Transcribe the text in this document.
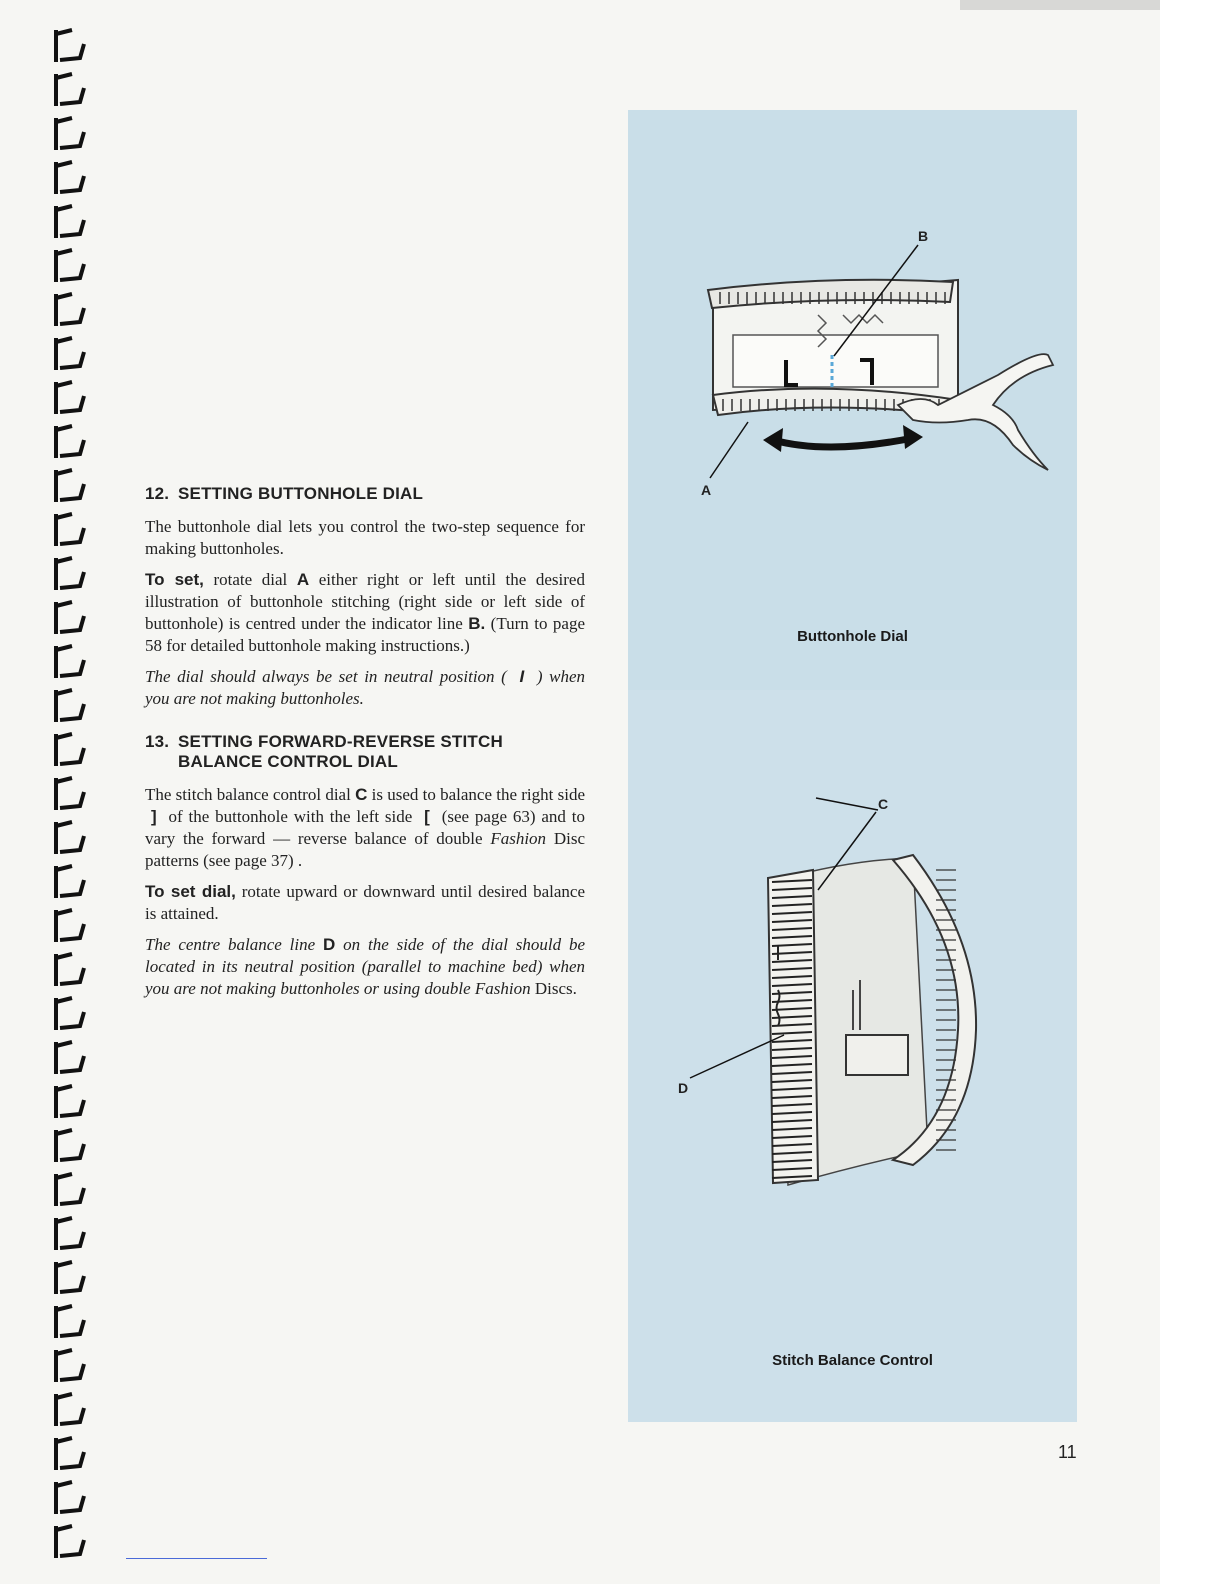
12. SETTING BUTTONHOLE DIAL

The buttonhole dial lets you control the two-step sequence for making buttonholes.

To set, rotate dial A either right or left until the desired illustration of buttonhole stitching (right side or left side of buttonhole) is centred under the indicator line B. (Turn to page 58 for detailed buttonhole making instructions.)

The dial should always be set in neutral position ( I ) when you are not making buttonholes.

13. SETTING FORWARD-REVERSE STITCH
BALANCE CONTROL DIAL

The stitch balance control dial C is used to balance the right side ] of the buttonhole with the left side [ (see page 63) and to vary the forward — reverse balance of double Fashion Disc patterns (see page 37) .

To set dial, rotate upward or downward until desired balance is attained.

The centre balance line D on the side of the dial should be located in its neutral position (parallel to machine bed) when you are not making buttonholes or using double Fashion Discs.

B
A
Buttonhole Dial
C
D
Stitch Balance Control
11
